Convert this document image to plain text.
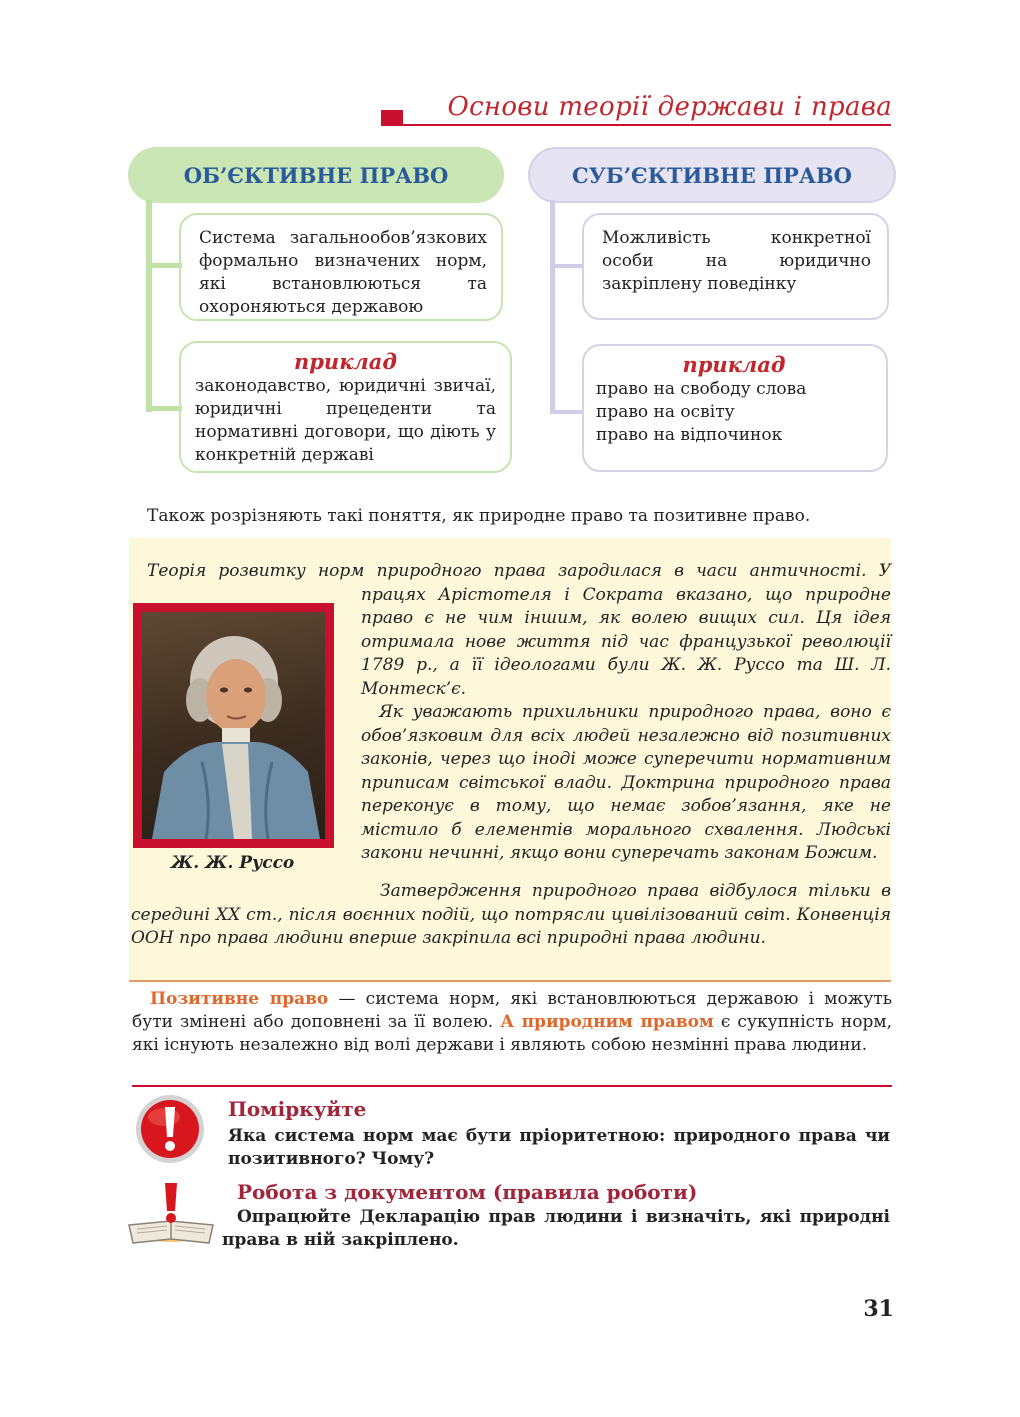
Основи теорії держави і права
ОБ’ЄКТИВНЕ ПРАВО
Система загальнообов’язкових формально визначених норм, які встановлюються та охороняються державою
приклад
законодавство, юридичні звичаї, юридичні прецеденти та нормативні договори, що діють у конкретній державі
СУБ’ЄКТИВНЕ ПРАВО
Можливість конкретної особи на юридично закріплену поведінку
приклад
право на свободу слова
право на освіту
право на відпочинок
Також розрізняють такі поняття, як природне право та позитивне право.
Теорія розвитку норм природного права зародилася в часи античності. У
працях Арістотеля і Сократа вказано, що природне право є не чим іншим, як волею вищих сил. Ця ідея отримала нове життя під час французької революції 1789 р., а її ідеологами були Ж. Ж. Руссо та Ш. Л. Монтеск’є.
Як уважають прихильники природного права, воно є обов’язковим для всіх людей незалежно від позитивних законів, через що іноді може суперечити нормативним приписам світської влади. Доктрина природного права переконує в тому, що немає зобов’язання, яке не містило б елементів морального схвалення. Людські закони нечинні, якщо вони суперечать законам Божим.
Затвердження природного права відбулося тільки в середині XX ст., після воєнних подій, що потрясли цивілізований світ. Конвенція ООН про права людини вперше закріпила всі природні права людини.
Ж. Ж. Руссо
Позитивне право — система норм, які встановлюються державою і можуть бути змінені або доповнені за її волею. А природним правом є сукупність норм, які існують незалежно від волі держави і являють собою незмінні права людини.
Поміркуйте
Яка система норм має бути пріоритетною: природного права чи позитивного? Чому?
Робота з документом (правила роботи)
Опрацюйте Декларацію прав людини і визначіть, які природні права в ній закріплено.
31
